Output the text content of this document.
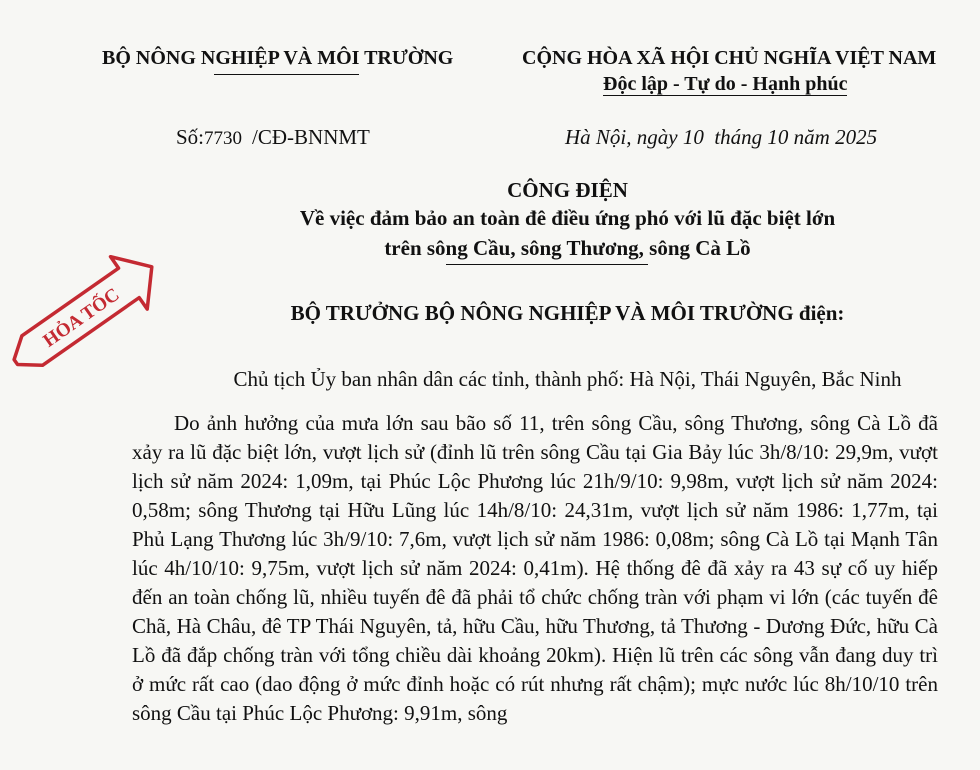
BỘ NÔNG NGHIỆP VÀ MÔI TRƯỜNG	CỘNG HÒA XÃ HỘI CHỦ NGHĨA VIỆT NAM
Độc lập - Tự do - Hạnh phúc
Số:7730 /CĐ-BNNMT	Hà Nội, ngày 10  tháng 10 năm 2025
HỎA TỐC
CÔNG ĐIỆN
Về việc đảm bảo an toàn đê điều ứng phó với lũ đặc biệt lớn
trên sông Cầu, sông Thương, sông Cà Lồ
BỘ TRƯỞNG BỘ NÔNG NGHIỆP VÀ MÔI TRƯỜNG điện:
Chủ tịch Ủy ban nhân dân các tỉnh, thành phố: Hà Nội, Thái Nguyên, Bắc Ninh
Do ảnh hưởng của mưa lớn sau bão số 11, trên sông Cầu, sông Thương, sông Cà Lồ đã xảy ra lũ đặc biệt lớn, vượt lịch sử (đỉnh lũ trên sông Cầu tại Gia Bảy lúc 3h/8/10: 29,9m, vượt lịch sử năm 2024: 1,09m, tại Phúc Lộc Phương lúc 21h/9/10: 9,98m, vượt lịch sử năm 2024: 0,58m; sông Thương tại Hữu Lũng lúc 14h/8/10: 24,31m, vượt lịch sử năm 1986: 1,77m, tại Phủ Lạng Thương lúc 3h/9/10: 7,6m, vượt lịch sử năm 1986: 0,08m; sông Cà Lồ tại Mạnh Tân lúc 4h/10/10: 9,75m, vượt lịch sử năm 2024: 0,41m). Hệ thống đê đã xảy ra 43 sự cố uy hiếp đến an toàn chống lũ, nhiều tuyến đê đã phải tổ chức chống tràn với phạm vi lớn (các tuyến đê Chã, Hà Châu, đê TP Thái Nguyên, tả, hữu Cầu, hữu Thương, tả Thương - Dương Đức, hữu Cà Lồ đã đắp chống tràn với tổng chiều dài khoảng 20km). Hiện lũ trên các sông vẫn đang duy trì ở mức rất cao (dao động ở mức đỉnh hoặc có rút nhưng rất chậm); mực nước lúc 8h/10/10 trên sông Cầu tại Phúc Lộc Phương: 9,91m, sông
